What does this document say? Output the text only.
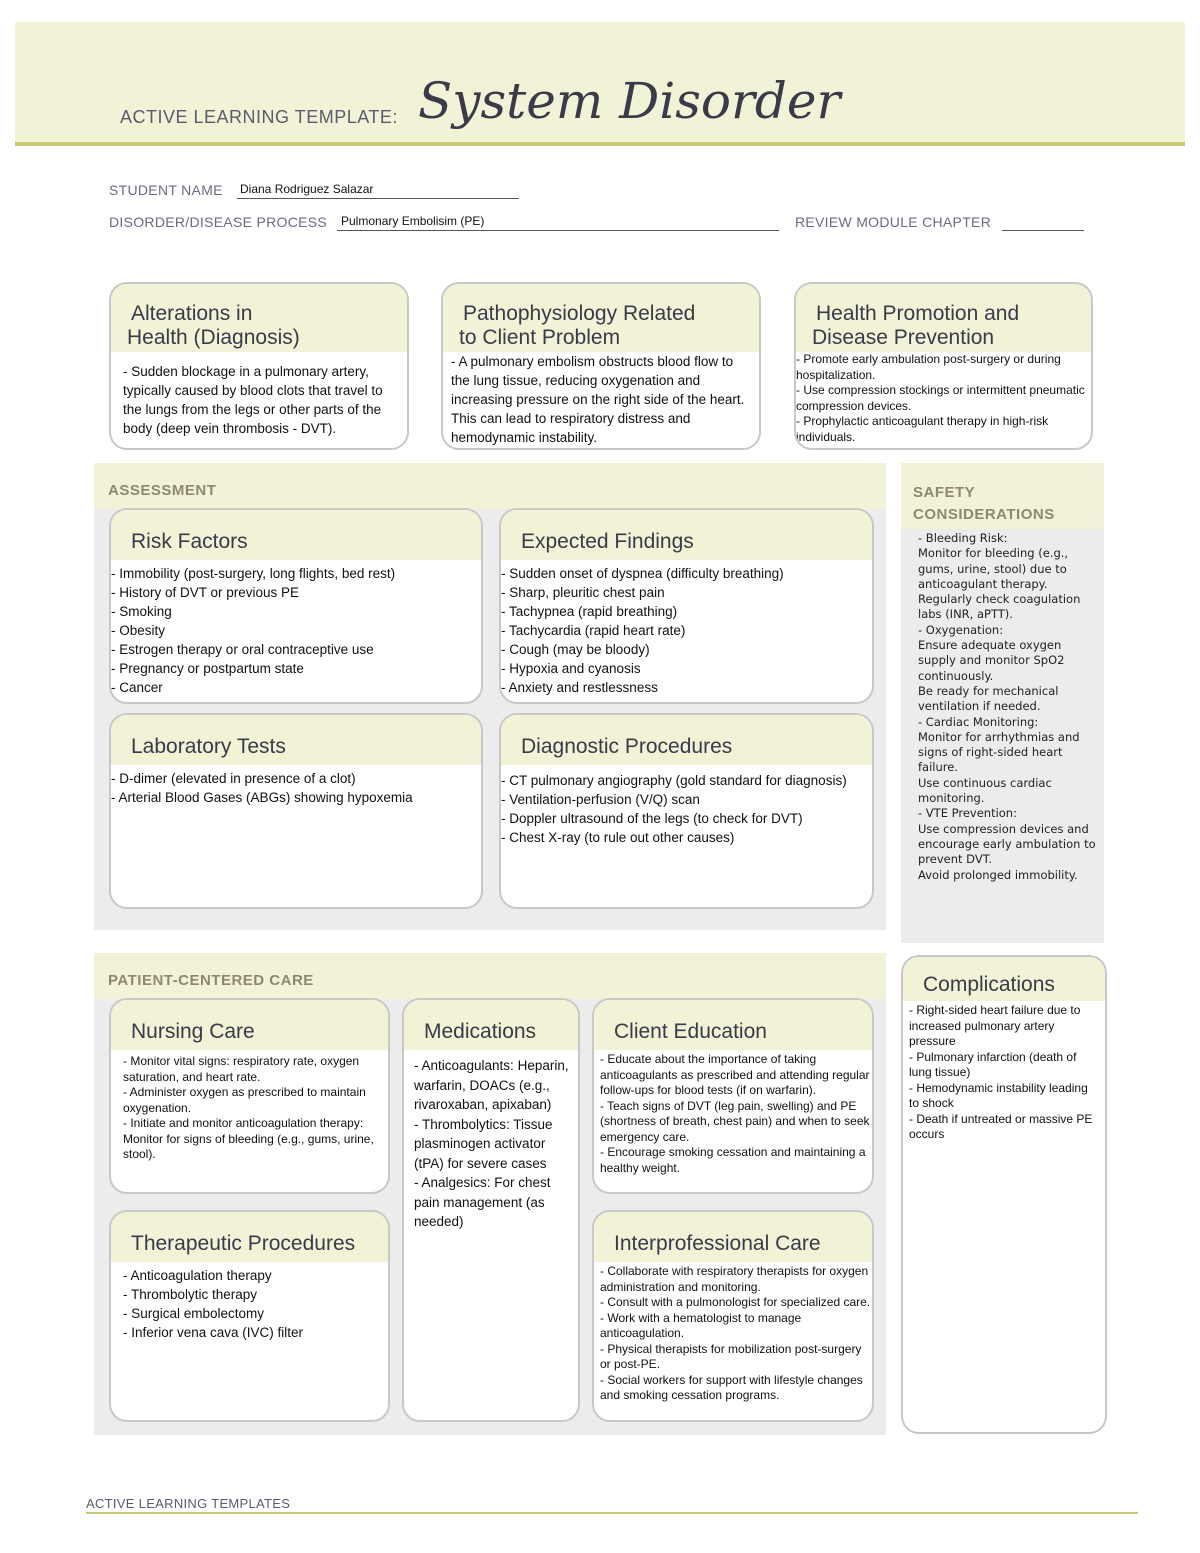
ACTIVE LEARNING TEMPLATE: System Disorder
STUDENT NAME Diana Rodriguez Salazar
DISORDER/DISEASE PROCESS Pulmonary Embolisim (PE)	REVIEW MODULE CHAPTER
Alterations in
Health (Diagnosis)
- Sudden blockage in a pulmonary artery, typically caused by blood clots that travel to the lungs from the legs or other parts of the body (deep vein thrombosis - DVT).
Pathophysiology Related
to Client Problem
- A pulmonary embolism obstructs blood flow to the lung tissue, reducing oxygenation and increasing pressure on the right side of the heart. This can lead to respiratory distress and hemodynamic instability.
Health Promotion and
Disease Prevention
- Promote early ambulation post-surgery or during hospitalization.
- Use compression stockings or intermittent pneumatic compression devices.
- Prophylactic anticoagulant therapy in high-risk individuals.
ASSESSMENT
Risk Factors
- Immobility (post-surgery, long flights, bed rest)
- History of DVT or previous PE
- Smoking
- Obesity
- Estrogen therapy or oral contraceptive use
- Pregnancy or postpartum state
- Cancer
Expected Findings
- Sudden onset of dyspnea (difficulty breathing)
- Sharp, pleuritic chest pain
- Tachypnea (rapid breathing)
- Tachycardia (rapid heart rate)
- Cough (may be bloody)
- Hypoxia and cyanosis
- Anxiety and restlessness
Laboratory Tests
- D-dimer (elevated in presence of a clot)
- Arterial Blood Gases (ABGs) showing hypoxemia
Diagnostic Procedures
- CT pulmonary angiography (gold standard for diagnosis)
- Ventilation-perfusion (V/Q) scan
- Doppler ultrasound of the legs (to check for DVT)
- Chest X-ray (to rule out other causes)
SAFETY
CONSIDERATIONS
- Bleeding Risk:
Monitor for bleeding (e.g., gums, urine, stool) due to anticoagulant therapy.
Regularly check coagulation labs (INR, aPTT).
- Oxygenation:
Ensure adequate oxygen supply and monitor SpO2 continuously.
Be ready for mechanical ventilation if needed.
- Cardiac Monitoring:
Monitor for arrhythmias and signs of right-sided heart failure.
Use continuous cardiac monitoring.
- VTE Prevention:
Use compression devices and encourage early ambulation to prevent DVT.
Avoid prolonged immobility.
Complications
- Right-sided heart failure due to increased pulmonary artery pressure
- Pulmonary infarction (death of lung tissue)
- Hemodynamic instability leading to shock
- Death if untreated or massive PE occurs
PATIENT-CENTERED CARE
Nursing Care
- Monitor vital signs: respiratory rate, oxygen saturation, and heart rate.
- Administer oxygen as prescribed to maintain oxygenation.
- Initiate and monitor anticoagulation therapy: Monitor for signs of bleeding (e.g., gums, urine, stool).
Medications
- Anticoagulants: Heparin, warfarin, DOACs (e.g., rivaroxaban, apixaban)
- Thrombolytics: Tissue plasminogen activator (tPA) for severe cases
- Analgesics: For chest pain management (as needed)
Client Education
- Educate about the importance of taking anticoagulants as prescribed and attending regular follow-ups for blood tests (if on warfarin).
- Teach signs of DVT (leg pain, swelling) and PE (shortness of breath, chest pain) and when to seek emergency care.
- Encourage smoking cessation and maintaining a healthy weight.
Therapeutic Procedures
- Anticoagulation therapy
- Thrombolytic therapy
- Surgical embolectomy
- Inferior vena cava (IVC) filter
Interprofessional Care
- Collaborate with respiratory therapists for oxygen administration and monitoring.
- Consult with a pulmonologist for specialized care.
- Work with a hematologist to manage anticoagulation.
- Physical therapists for mobilization post-surgery or post-PE.
- Social workers for support with lifestyle changes and smoking cessation programs.
ACTIVE LEARNING TEMPLATES
